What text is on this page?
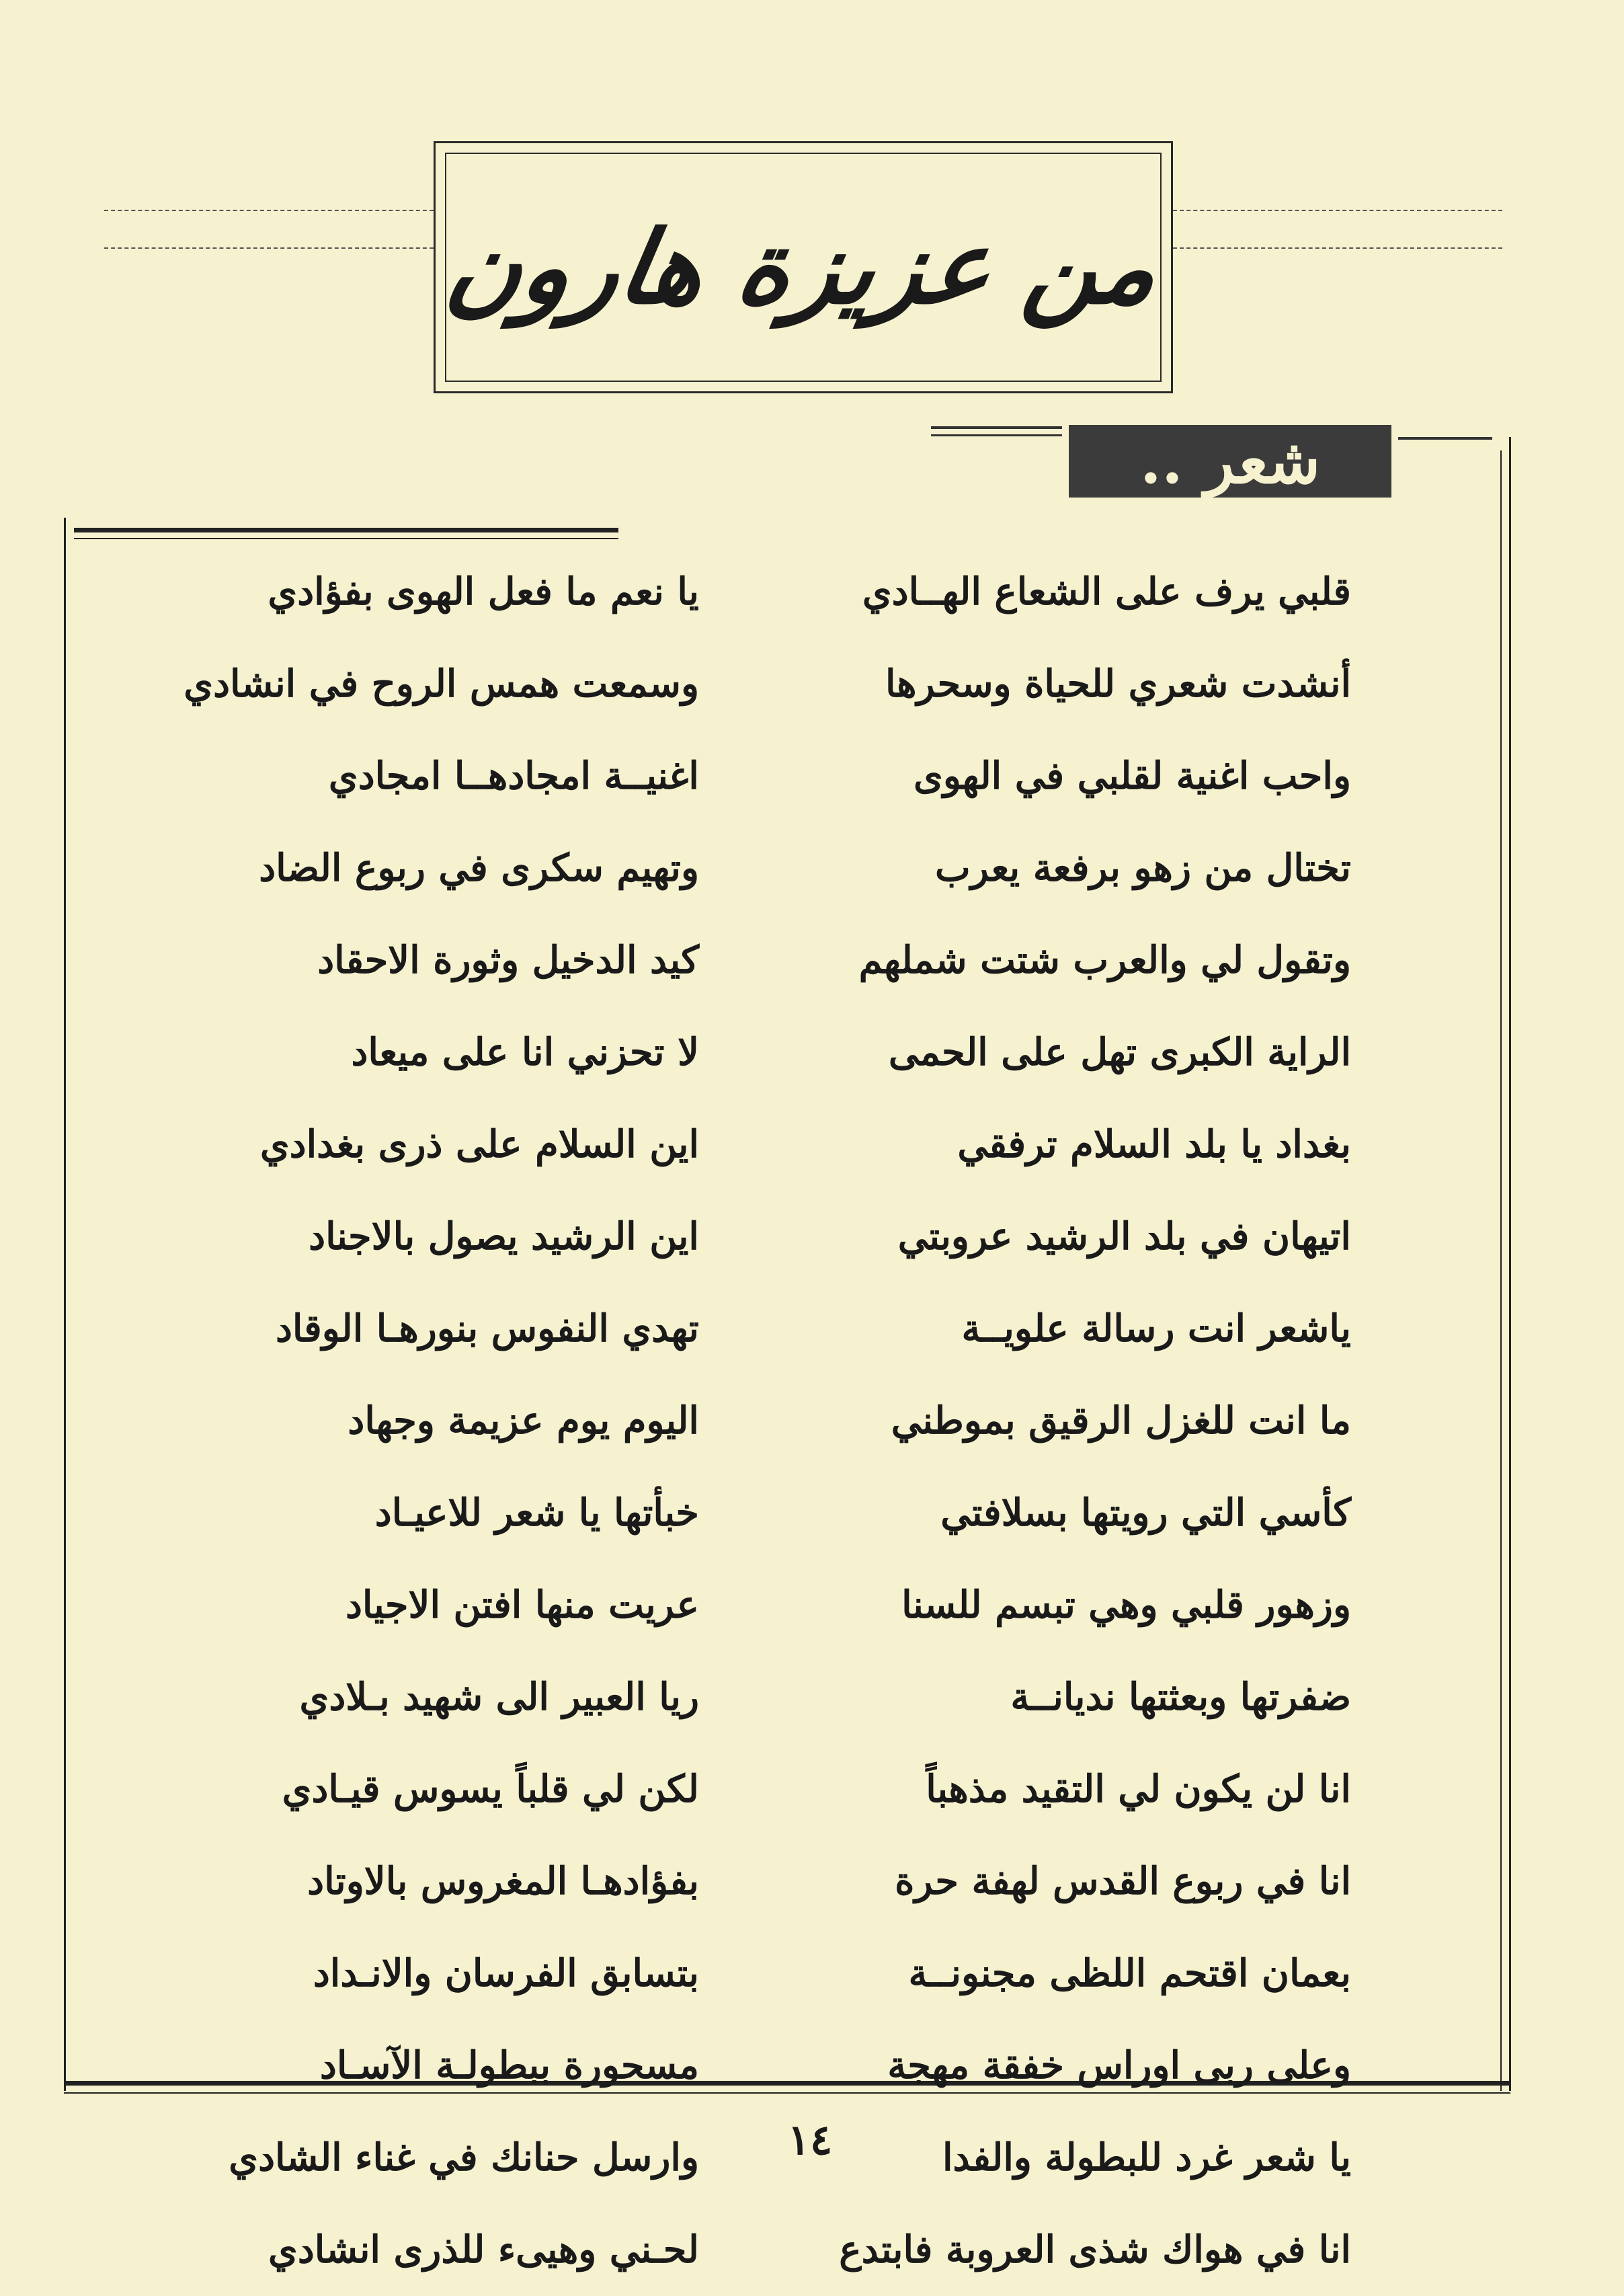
من عزيزة هارون
شعر ..
قلبي يرف على الشعاع الهــادي
أنشدت شعري للحياة وسحرها
واحب اغنية لقلبي في الهوى
تختال من زهو برفعة يعرب
وتقول لي والعرب شتت شملهم
الراية الكبرى تهل على الحمى
بغداد يا بلد السلام ترفقي
اتيهان في بلد الرشيد عروبتي
ياشعر انت رسالة علويــة
ما انت للغزل الرقيق بموطني
كأسي التي رويتها بسلافتي
وزهور قلبي وهي تبسم للسنا
ضفرتها وبعثتها نديانــة
انا لن يكون لي التقيد مذهباً
انا في ربوع القدس لهفة حرة
بعمان اقتحم اللظى مجنونــة
وعلى ربى اوراس خفقة مهجة
يا شعر غرد للبطولة والفدا
انا في هواك شذى العروبة فابتدع
يا نعم ما فعل الهوى بفؤادي
وسمعت همس الروح في انشادي
اغنيــة امجادهــا امجادي
وتهيم سكرى في ربوع الضاد
كيد الدخيل وثورة الاحقاد
لا تحزني انا على ميعاد
اين السلام على ذرى بغدادي
اين الرشيد يصول بالاجناد
تهدي النفوس بنورهـا الوقاد
اليوم يوم عزيمة وجهاد
خبأتها يا شعر للاعيـاد
عريت منها افتن الاجياد
ريا العبير الى شهيد بـلادي
لكن لي قلباً يسوس قيـادي
بفؤادهـا المغروس بالاوتاد
بتسابق الفرسان والانـداد
مسحورة ببطولـة الآسـاد
وارسل حنانك في غناء الشادي
لحـني وهيىء للذرى انشادي
١٤
